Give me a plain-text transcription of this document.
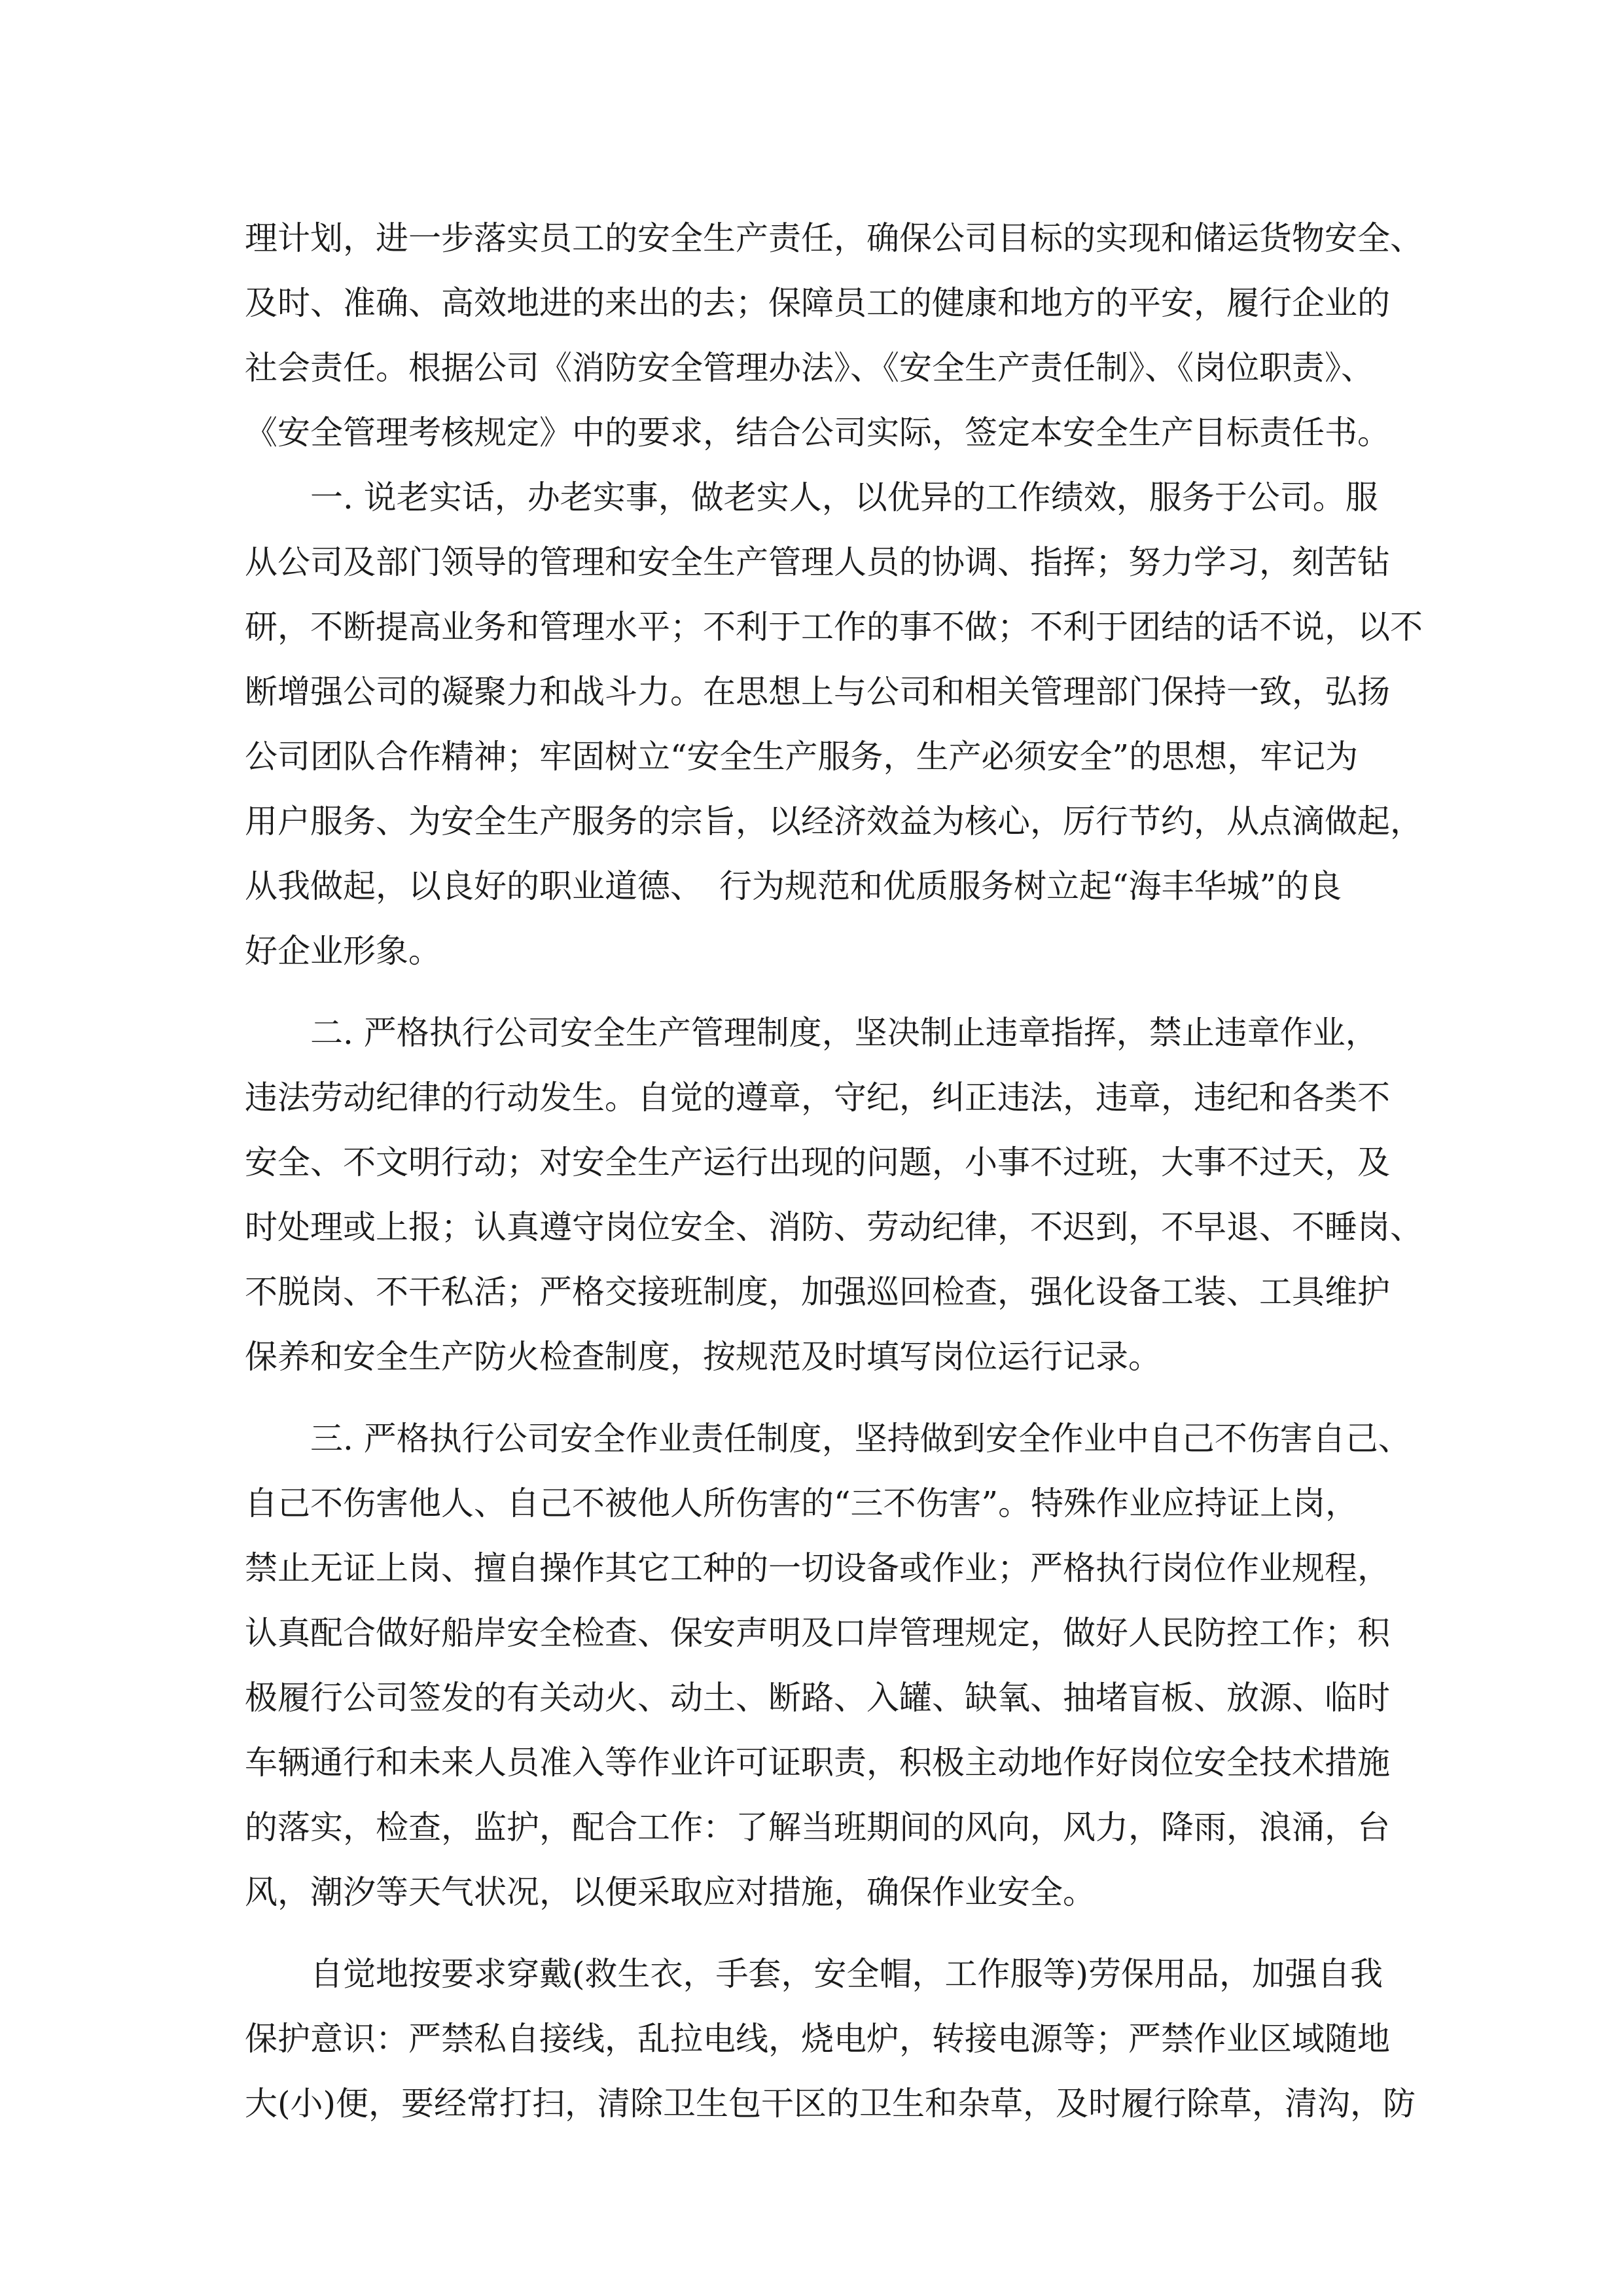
理计划，进一步落实员工的安全生产责任，确保公司目标的实现和储运货物安全、
及时、准确、高效地进的来出的去；保障员工的健康和地方的平安，履行企业的
社会责任。根据公司《消防安全管理办法》、《安全生产责任制》、《岗位职责》、
《安全管理考核规定》中的要求，结合公司实际，签定本安全生产目标责任书。
　　一. 说老实话，办老实事，做老实人，以优异的工作绩效，服务于公司。服
从公司及部门领导的管理和安全生产管理人员的协调、指挥；努力学习，刻苦钻
研，不断提高业务和管理水平；不利于工作的事不做；不利于团结的话不说，以不
断增强公司的凝聚力和战斗力。在思想上与公司和相关管理部门保持一致，弘扬
公司团队合作精神；牢固树立“安全生产服务，生产必须安全”的思想，牢记为
用户服务、为安全生产服务的宗旨，以经济效益为核心，厉行节约，从点滴做起，
从我做起，以良好的职业道德、　行为规范和优质服务树立起“海丰华城”的良
好企业形象。
　　二. 严格执行公司安全生产管理制度，坚决制止违章指挥，禁止违章作业，
违法劳动纪律的行动发生。自觉的遵章，守纪，纠正违法，违章，违纪和各类不
安全、不文明行动；对安全生产运行出现的问题，小事不过班，大事不过天，及
时处理或上报；认真遵守岗位安全、消防、劳动纪律，不迟到，不早退、不睡岗、
不脱岗、不干私活；严格交接班制度，加强巡回检查，强化设备工装、工具维护
保养和安全生产防火检查制度，按规范及时填写岗位运行记录。
　　三. 严格执行公司安全作业责任制度，坚持做到安全作业中自己不伤害自己、
自己不伤害他人、自己不被他人所伤害的“三不伤害”。特殊作业应持证上岗，
禁止无证上岗、擅自操作其它工种的一切设备或作业；严格执行岗位作业规程，
认真配合做好船岸安全检查、保安声明及口岸管理规定，做好人民防控工作；积
极履行公司签发的有关动火、动土、断路、入罐、缺氧、抽堵盲板、放源、临时
车辆通行和未来人员准入等作业许可证职责，积极主动地作好岗位安全技术措施
的落实，检查，监护，配合工作：了解当班期间的风向，风力，降雨，浪涌，台
风，潮汐等天气状况，以便采取应对措施，确保作业安全。
　　自觉地按要求穿戴(救生衣，手套，安全帽，工作服等)劳保用品，加强自我
保护意识：严禁私自接线，乱拉电线，烧电炉，转接电源等；严禁作业区域随地
大(小)便，要经常打扫，清除卫生包干区的卫生和杂草，及时履行除草，清沟，防
